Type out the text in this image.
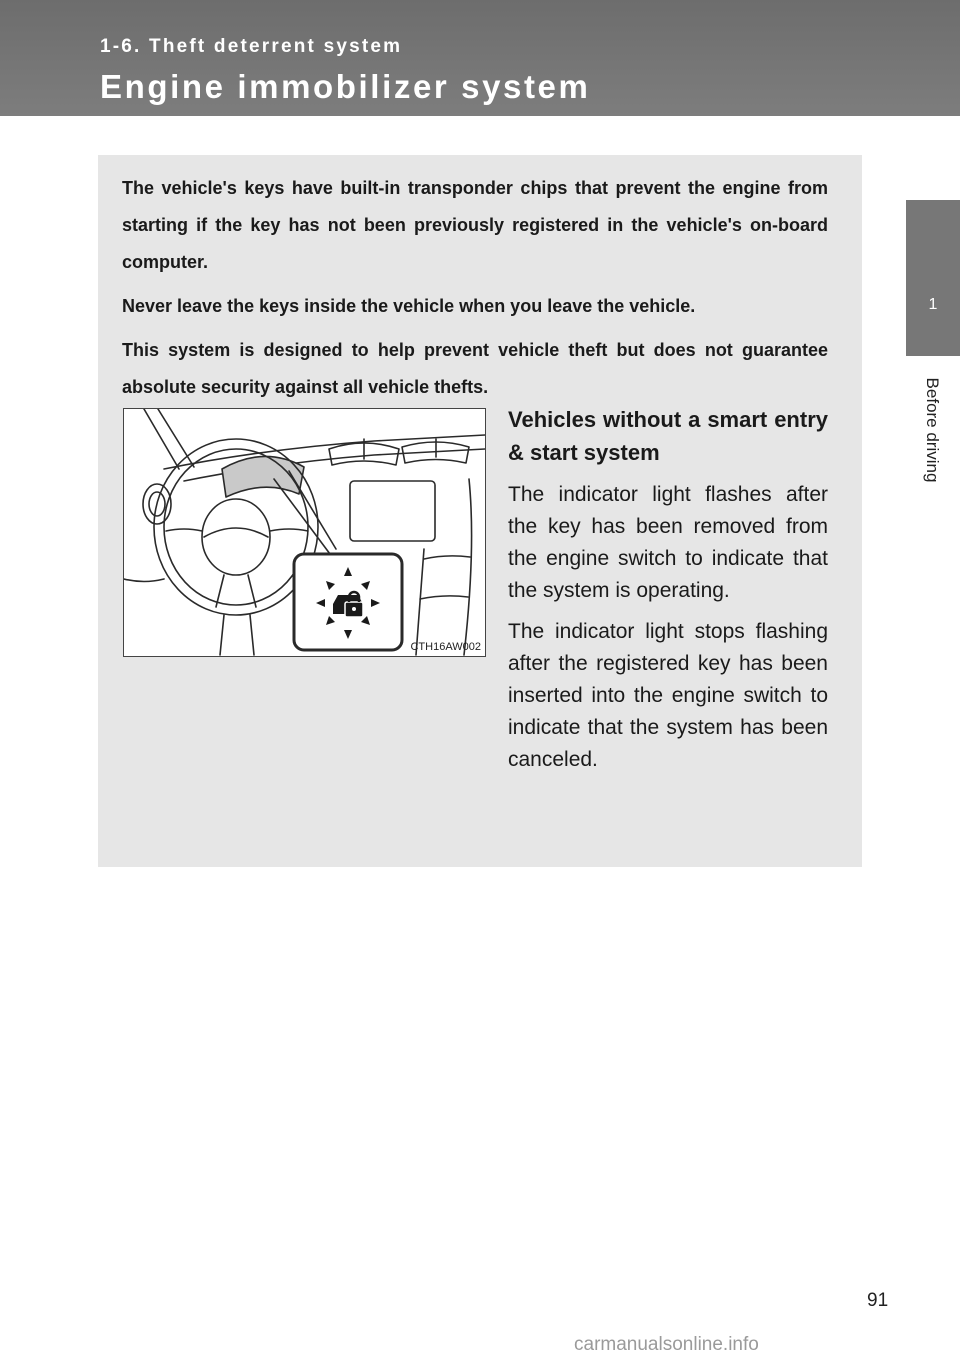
1-6. Theft deterrent system
Engine immobilizer system
1
Before driving

The vehicle's keys have built-in transponder chips that prevent the engine from starting if the key has not been previously registered in the vehicle's on-board computer.

Never leave the keys inside the vehicle when you leave the vehicle.

This system is designed to help prevent vehicle theft but does not guarantee absolute security against all vehicle thefts.

CTH16AW002
Vehicles without a smart entry & start system

The indicator light flashes after the key has been removed from the engine switch to indicate that the system is operating.

The indicator light stops flashing after the registered key has been inserted into the engine switch to indicate that the system has been canceled.

91
carmanualsonline.info
